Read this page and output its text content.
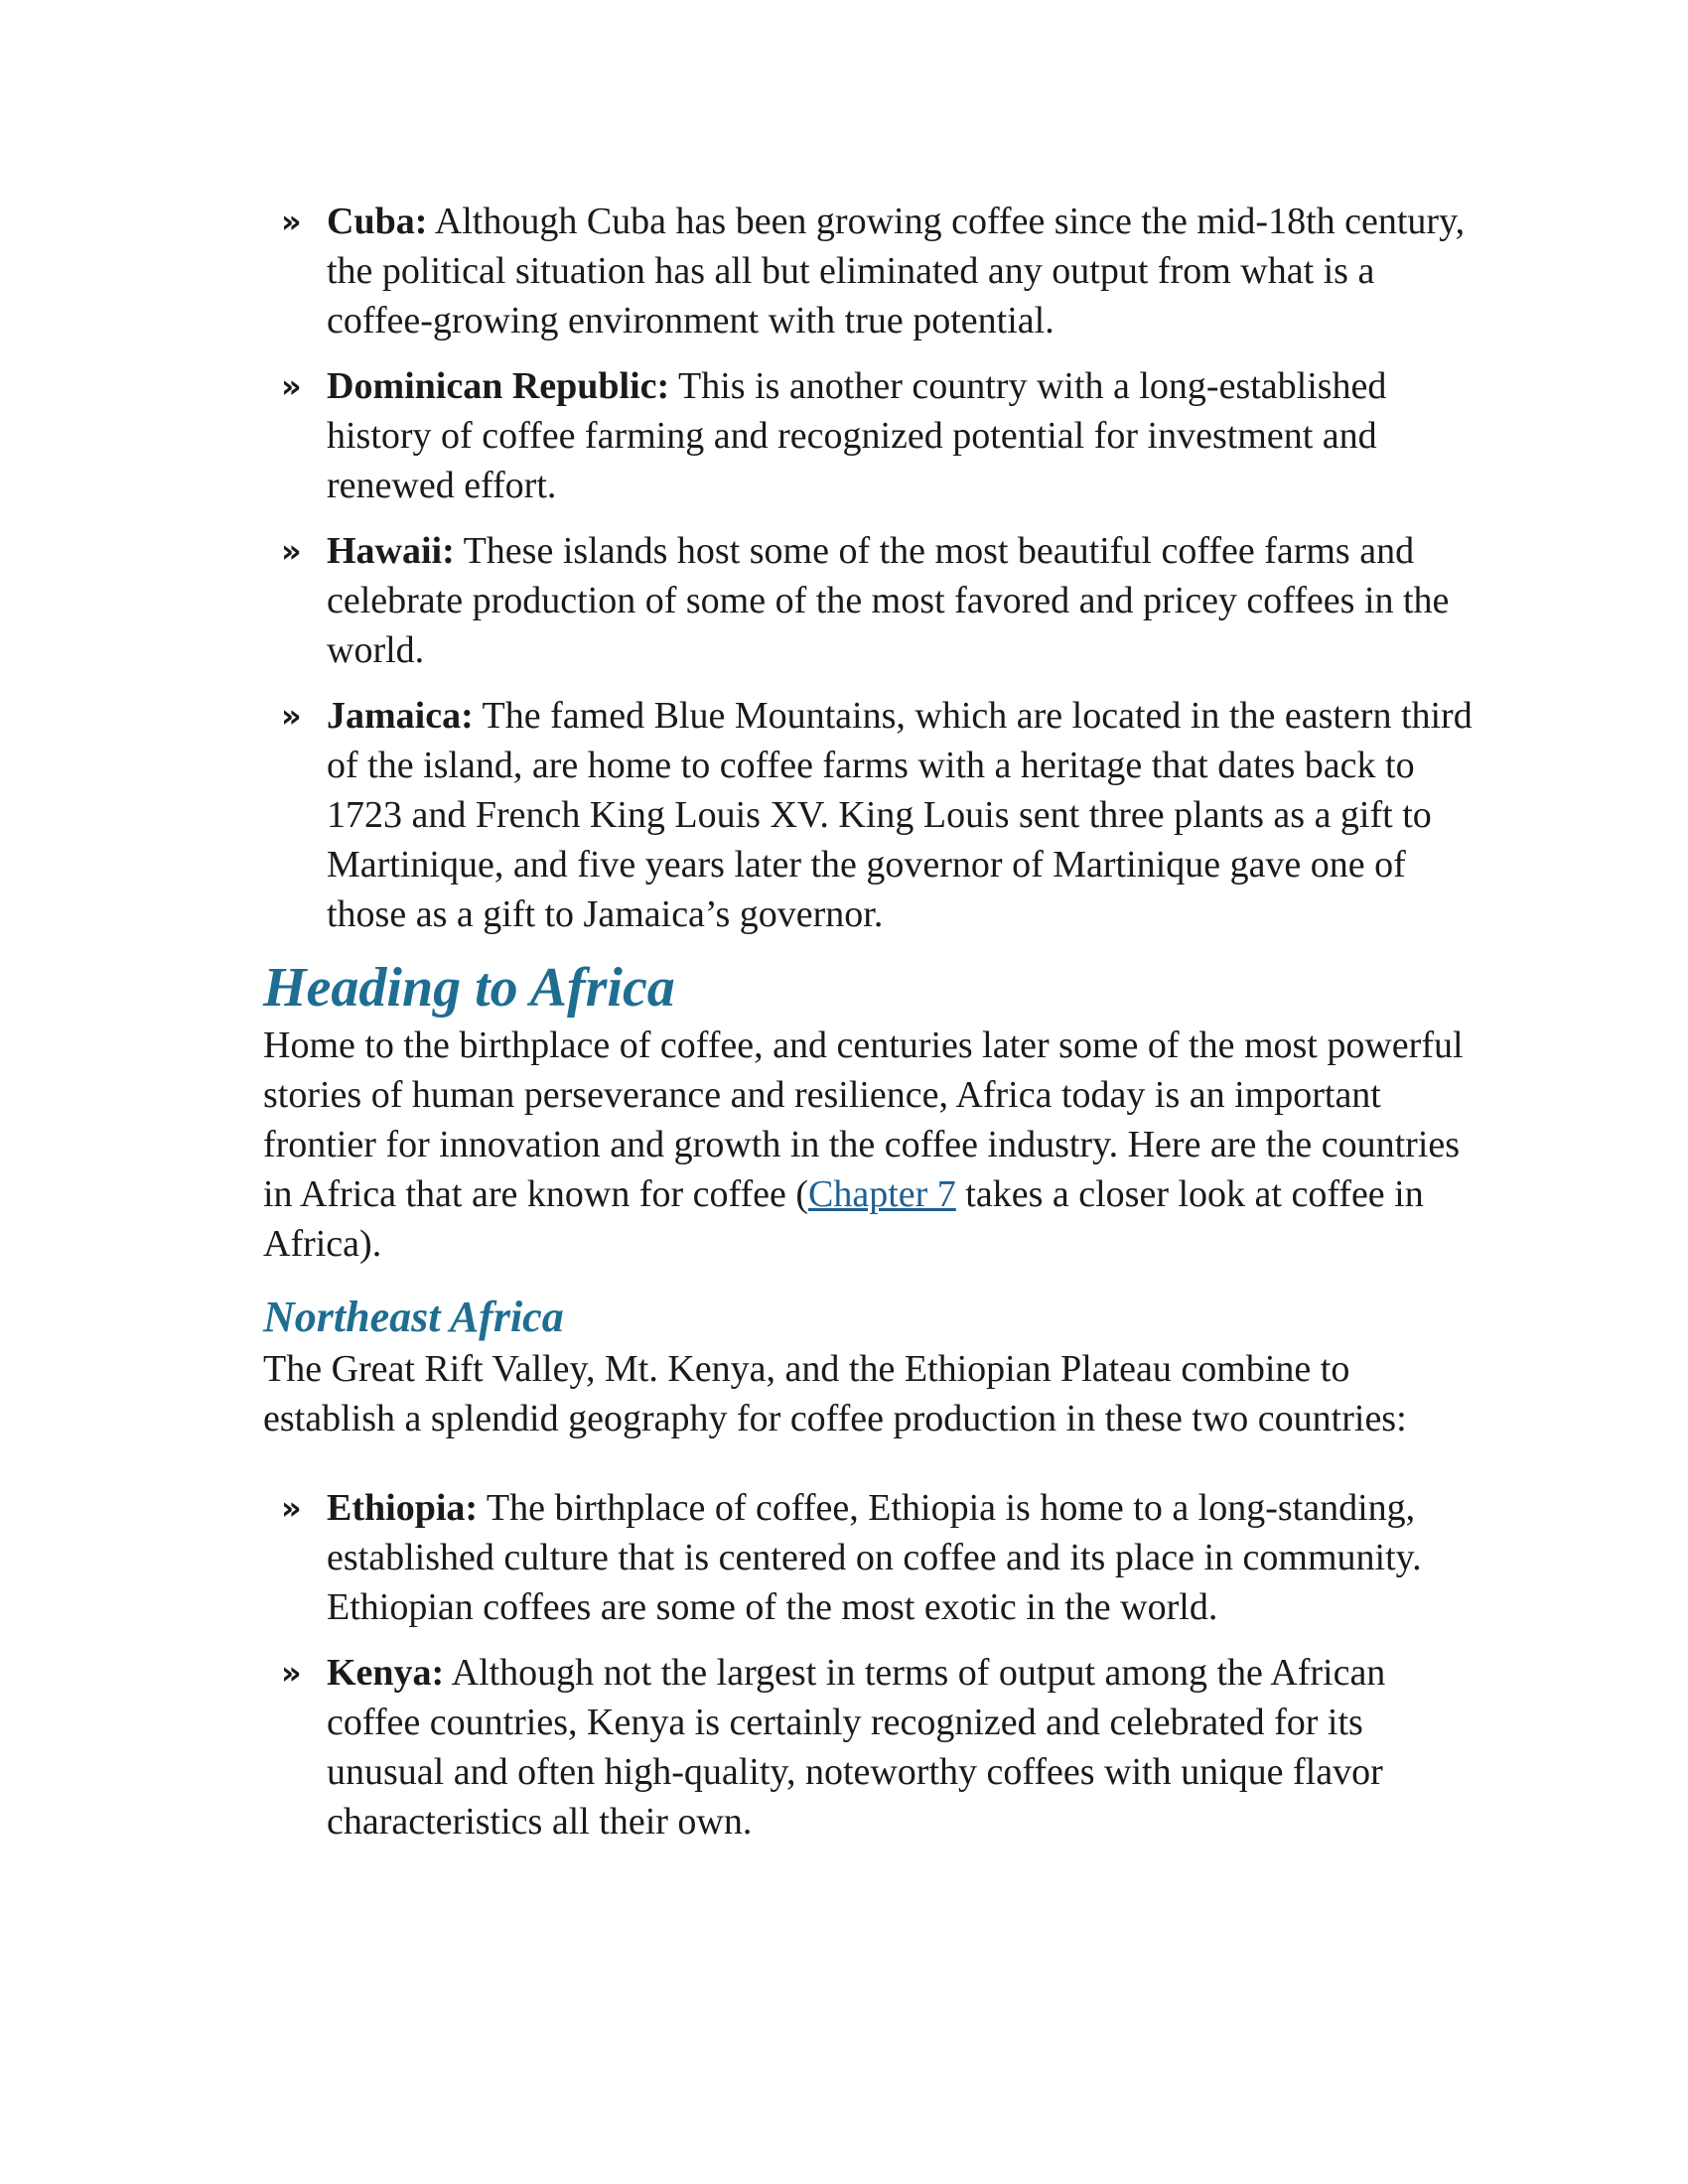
» Cuba: Although Cuba has been growing coffee since the mid-18th century, the political situation has all but eliminated any output from what is a coffee-growing environment with true potential.
» Dominican Republic: This is another country with a long-established history of coffee farming and recognized potential for investment and renewed effort.
» Hawaii: These islands host some of the most beautiful coffee farms and celebrate production of some of the most favored and pricey coffees in the world.
» Jamaica: The famed Blue Mountains, which are located in the eastern third of the island, are home to coffee farms with a heritage that dates back to 1723 and French King Louis XV. King Louis sent three plants as a gift to Martinique, and five years later the governor of Martinique gave one of those as a gift to Jamaica’s governor.
Heading to Africa

Home to the birthplace of coffee, and centuries later some of the most powerful stories of human perseverance and resilience, Africa today is an important frontier for innovation and growth in the coffee industry. Here are the countries in Africa that are known for coffee (Chapter 7 takes a closer look at coffee in Africa).

Northeast Africa

The Great Rift Valley, Mt. Kenya, and the Ethiopian Plateau combine to establish a splendid geography for coffee production in these two countries:

» Ethiopia: The birthplace of coffee, Ethiopia is home to a long-standing, established culture that is centered on coffee and its place in community. Ethiopian coffees are some of the most exotic in the world.
» Kenya: Although not the largest in terms of output among the African coffee countries, Kenya is certainly recognized and celebrated for its unusual and often high-quality, noteworthy coffees with unique flavor characteristics all their own.
